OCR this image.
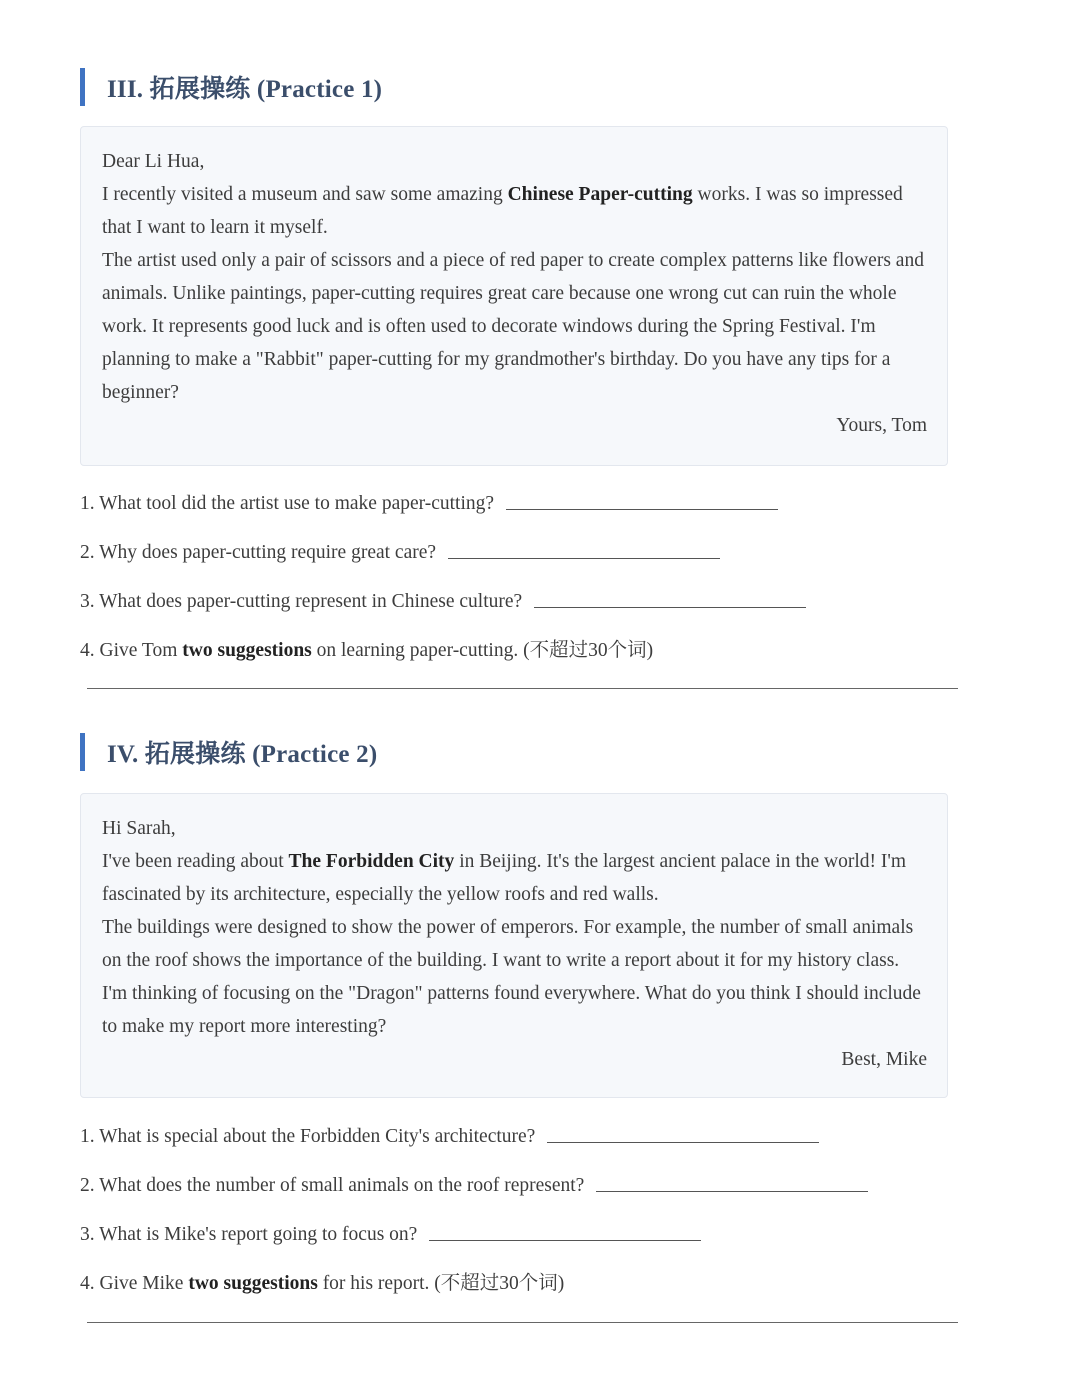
III. 拓展操练 (Practice 1)

Dear Li Hua,

I recently visited a museum and saw some amazing Chinese Paper-cutting works. I was so impressed that I want to learn it myself.

The artist used only a pair of scissors and a piece of red paper to create complex patterns like flowers and animals. Unlike paintings, paper-cutting requires great care because one wrong cut can ruin the whole work. It represents good luck and is often used to decorate windows during the Spring Festival. I'm planning to make a "Rabbit" paper-cutting for my grandmother's birthday. Do you have any tips for a beginner?

Yours, Tom

1. What tool did the artist use to make paper-cutting?
2. Why does paper-cutting require great care?
3. What does paper-cutting represent in Chinese culture?
4. Give Tom two suggestions on learning paper-cutting. (不超过30个词)
IV. 拓展操练 (Practice 2)

Hi Sarah,

I've been reading about The Forbidden City in Beijing. It's the largest ancient palace in the world! I'm fascinated by its architecture, especially the yellow roofs and red walls.

The buildings were designed to show the power of emperors. For example, the number of small animals on the roof shows the importance of the building. I want to write a report about it for my history class. I'm thinking of focusing on the "Dragon" patterns found everywhere. What do you think I should include to make my report more interesting?

Best, Mike

1. What is special about the Forbidden City's architecture?
2. What does the number of small animals on the roof represent?
3. What is Mike's report going to focus on?
4. Give Mike two suggestions for his report. (不超过30个词)
